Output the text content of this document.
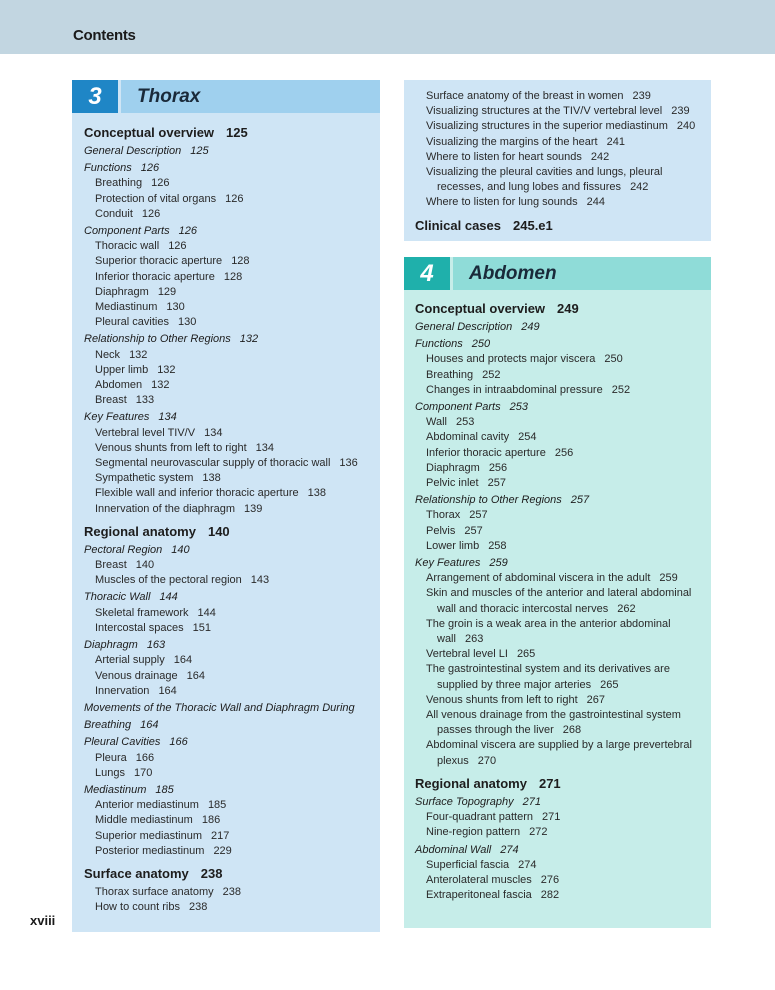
Contents
3	Thorax
Conceptual overview 125
General Description 125
Functions 126
Breathing 126
Protection of vital organs 126
Conduit 126
Component Parts 126
Thoracic wall 126
Superior thoracic aperture 128
Inferior thoracic aperture 128
Diaphragm 129
Mediastinum 130
Pleural cavities 130
Relationship to Other Regions 132
Neck 132
Upper limb 132
Abdomen 132
Breast 133
Key Features 134
Vertebral level TIV/V 134
Venous shunts from left to right 134
Segmental neurovascular supply of thoracic wall 136
Sympathetic system 138
Flexible wall and inferior thoracic aperture 138
Innervation of the diaphragm 139
Regional anatomy 140
Pectoral Region 140
Breast 140
Muscles of the pectoral region 143
Thoracic Wall 144
Skeletal framework 144
Intercostal spaces 151
Diaphragm 163
Arterial supply 164
Venous drainage 164
Innervation 164
Movements of the Thoracic Wall and Diaphragm During
Breathing 164
Pleural Cavities 166
Pleura 166
Lungs 170
Mediastinum 185
Anterior mediastinum 185
Middle mediastinum 186
Superior mediastinum 217
Posterior mediastinum 229
Surface anatomy 238
Thorax surface anatomy 238
How to count ribs 238
Surface anatomy of the breast in women 239
Visualizing structures at the TIV/V vertebral level 239
Visualizing structures in the superior mediastinum 240
Visualizing the margins of the heart 241
Where to listen for heart sounds 242
Visualizing the pleural cavities and lungs, pleural
recesses, and lung lobes and fissures 242
Where to listen for lung sounds 244
Clinical cases 245.e1
4	Abdomen
Conceptual overview 249
General Description 249
Functions 250
Houses and protects major viscera 250
Breathing 252
Changes in intraabdominal pressure 252
Component Parts 253
Wall 253
Abdominal cavity 254
Inferior thoracic aperture 256
Diaphragm 256
Pelvic inlet 257
Relationship to Other Regions 257
Thorax 257
Pelvis 257
Lower limb 258
Key Features 259
Arrangement of abdominal viscera in the adult 259
Skin and muscles of the anterior and lateral abdominal
wall and thoracic intercostal nerves 262
The groin is a weak area in the anterior abdominal
wall 263
Vertebral level LI 265
The gastrointestinal system and its derivatives are
supplied by three major arteries 265
Venous shunts from left to right 267
All venous drainage from the gastrointestinal system
passes through the liver 268
Abdominal viscera are supplied by a large prevertebral
plexus 270
Regional anatomy 271
Surface Topography 271
Four-quadrant pattern 271
Nine-region pattern 272
Abdominal Wall 274
Superficial fascia 274
Anterolateral muscles 276
Extraperitoneal fascia 282
xviii
